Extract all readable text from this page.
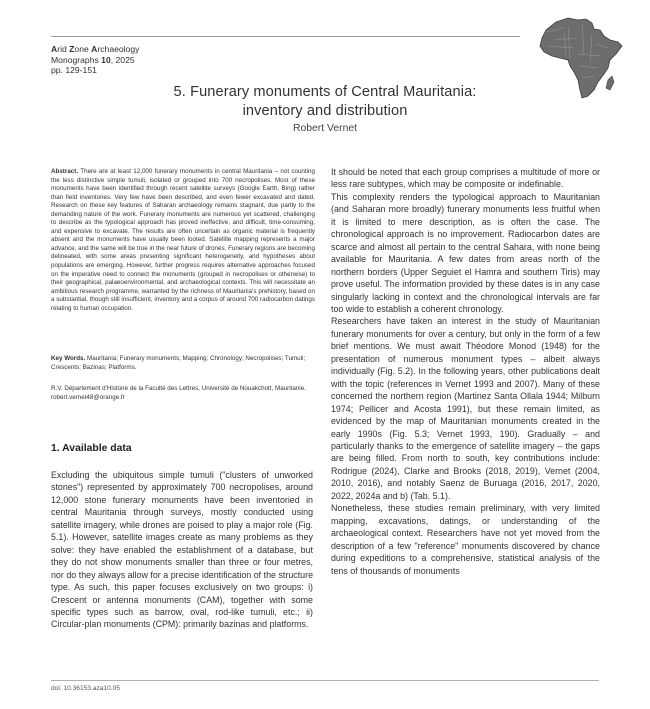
Arid Zone Archaeology
Monographs 10, 2025
pp. 129-151
5. Funerary monuments of Central Mauritania:
inventory and distribution
Robert Vernet
Abstract. There are at least 12,000 funerary monuments in central Mauritania – not counting the less distinctive simple tumuli, isolated or grouped into 700 necropolises. Most of these monuments have been identified through recent satellite surveys (Google Earth, Bing) rather than field inventories. Very few have been described, and even fewer excavated and dated. Research on these key features of Saharan archaeology remains stagnant, due partly to the demanding nature of the work. Funerary monuments are numerous yet scattered, challenging to describe as the typological approach has proved ineffective, and difficult, time-consuming, and expensive to excavate. The results are often uncertain as organic material is frequently absent and the monuments have usually been looted. Satellite mapping represents a major advance, and the same will be true in the near future of drones. Funerary regions are becoming delineated, with some areas presenting significant heterogeneity, and hypotheses about populations are emerging. However, further progress requires alternative approaches focused on the imperative need to connect the monuments (grouped in necropolises or otherwise) to their geographical, palaeoenvironmental, and archaeological contexts. This will necessitate an ambitious research programme, warranted by the richness of Mauritania's prehistory, based on a substantial, though still insufficient, inventory and a corpus of around 700 radiocarbon datings relating to human occupation.
Key Words. Mauritania; Funerary monuments; Mapping; Chronology; Necropolises; Tumuli; Crescents; Bazinas; Platforms.
R.V. Département d'Histoire de la Faculté des Lettres, Université de Nouakchott, Mauritanie.
robert.vernet48@orange.fr
1. Available data

Excluding the ubiquitous simple tumuli ("clusters of unworked stones") represented by approximately 700 necropolises, around 12,000 stone funerary monuments have been inventoried in central Mauritania through surveys, mostly conducted using satellite imagery, while drones are poised to play a major role (Fig. 5.1). However, satellite images create as many problems as they solve: they have enabled the establishment of a database, but they do not show monuments smaller than three or four metres, nor do they always allow for a precise identification of the structure type. As such, this paper focuses exclusively on two groups: i) Crescent or antenna monuments (CAM), together with some specific types such as barrow, oval, rod-like tumuli, etc.; ii) Circular-plan monuments (CPM): primarily bazinas and platforms.

It should be noted that each group comprises a multitude of more or less rare subtypes, which may be composite or indefinable.

This complexity renders the typological approach to Mauritanian (and Saharan more broadly) funerary monuments less fruitful when it is limited to mere description, as is often the case. The chronological approach is no improvement. Radiocarbon dates are scarce and almost all pertain to the central Sahara, with none being available for Mauritania. A few dates from areas north of the northern borders (Upper Seguiet el Hamra and southern Tiris) may prove useful. The information provided by these dates is in any case singularly lacking in context and the chronological intervals are far too wide to establish a coherent chronology.

Researchers have taken an interest in the study of Mauritanian funerary monuments for over a century, but only in the form of a few brief mentions. We must await Théodore Monod (1948) for the presentation of numerous monument types – albeit always individually (Fig. 5.2). In the following years, other publications dealt with the topic (references in Vernet 1993 and 2007). Many of these concerned the northern region (Martinez Santa Ollala 1944; Milburn 1974; Pellicer and Acosta 1991), but these remain limited, as evidenced by the map of Mauritanian monuments created in the early 1990s (Fig. 5.3; Vernet 1993, 190). Gradually – and particularly thanks to the emergence of satellite imagery – the gaps are being filled. From north to south, key contributions include: Rodrigue (2024), Clarke and Brooks (2018, 2019), Vernet (2004, 2010, 2016), and notably Saenz de Buruaga (2016, 2017, 2020, 2022, 2024a and b) (Tab. 5.1).

Nonetheless, these studies remain preliminary, with very limited mapping, excavations, datings, or understanding of the archaeological context. Researchers have not yet moved from the description of a few "reference" monuments discovered by chance during expeditions to a comprehensive, statistical analysis of the tens of thousands of monuments

doi: 10.36153.aza10.05
